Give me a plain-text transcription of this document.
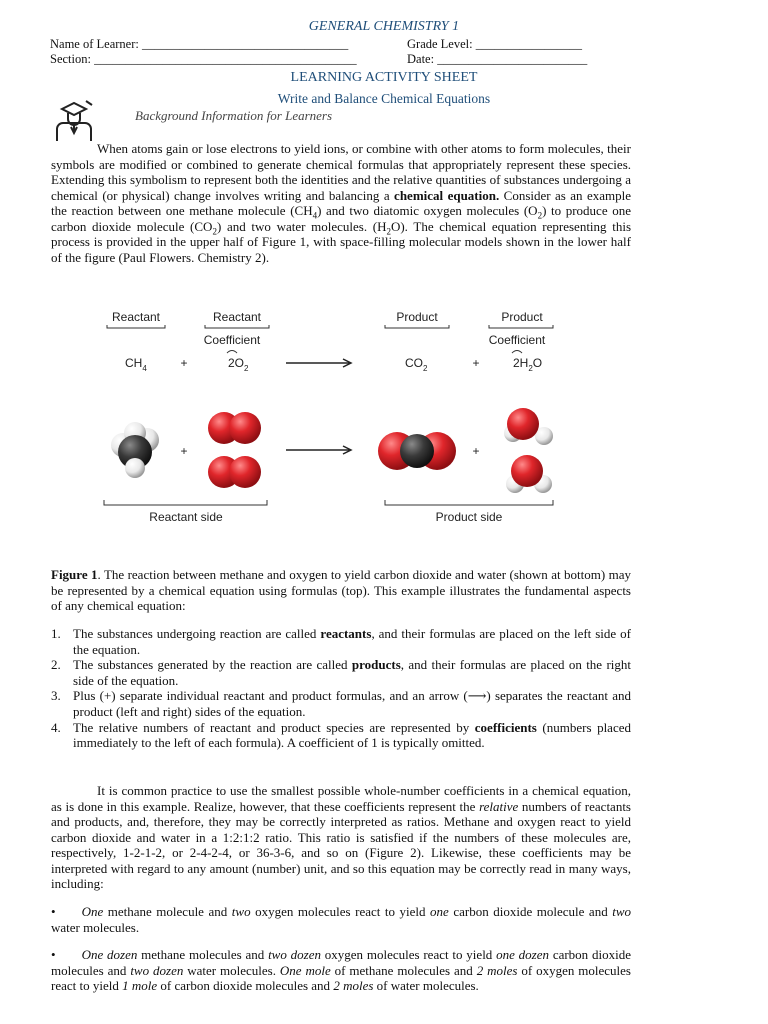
GENERAL CHEMISTRY 1
Name of Learner: _________________________________	Grade Level: _________________
Section: __________________________________________	Date: ________________________
LEARNING ACTIVITY SHEET
Write and Balance Chemical Equations
Background Information for Learners
When atoms gain or lose electrons to yield ions, or combine with other atoms to form molecules, their symbols are modified or combined to generate chemical formulas that appropriately represent these species. Extending this symbolism to represent both the identities and the relative quantities of substances undergoing a chemical (or physical) change involves writing and balancing a chemical equation. Consider as an example the reaction between one methane molecule $(CH_4)$ and two diatomic oxygen molecules $(O_2)$ to produce one carbon dioxide molecule $(CO_2)$ and two water molecules. $(H_2O)$. The chemical equation representing this process is provided in the upper half of Figure 1, with space-filling molecular models shown in the lower half of the figure (Paul Flowers. Chemistry 2).
Reactant	Reactant	Product	Product
Coefficient	Coefficient
$CH_4$	+	$2O_2$	$CO_2$	+	$2H_2O$
+	+
Reactant side	Product side
Figure 1. The reaction between methane and oxygen to yield carbon dioxide and water (shown at bottom) may be represented by a chemical equation using formulas (top). This example illustrates the fundamental aspects of any chemical equation:
1. The substances undergoing reaction are called reactants, and their formulas are placed on the left side of the equation.
2. The substances generated by the reaction are called products, and their formulas are placed on the right side of the equation.
3. Plus (+) separate individual reactant and product formulas, and an arrow (⟶) separates the reactant and product (left and right) sides of the equation.
4. The relative numbers of reactant and product species are represented by coefficients (numbers placed immediately to the left of each formula). A coefficient of 1 is typically omitted.
It is common practice to use the smallest possible whole-number coefficients in a chemical equation, as is done in this example. Realize, however, that these coefficients represent the relative numbers of reactants and products, and, therefore, they may be correctly interpreted as ratios. Methane and oxygen react to yield carbon dioxide and water in a 1:2:1:2 ratio. This ratio is satisfied if the numbers of these molecules are, respectively, 1-2-1-2, or 2-4-2-4, or 36-3-6, and so on (Figure 2). Likewise, these coefficients may be interpreted with regard to any amount (number) unit, and so this equation may be correctly read in many ways, including:
• One methane molecule and two oxygen molecules react to yield one carbon dioxide molecule and two water molecules.
• One dozen methane molecules and two dozen oxygen molecules react to yield one dozen carbon dioxide molecules and two dozen water molecules. One mole of methane molecules and 2 moles of oxygen molecules react to yield 1 mole of carbon dioxide molecules and 2 moles of water molecules.
